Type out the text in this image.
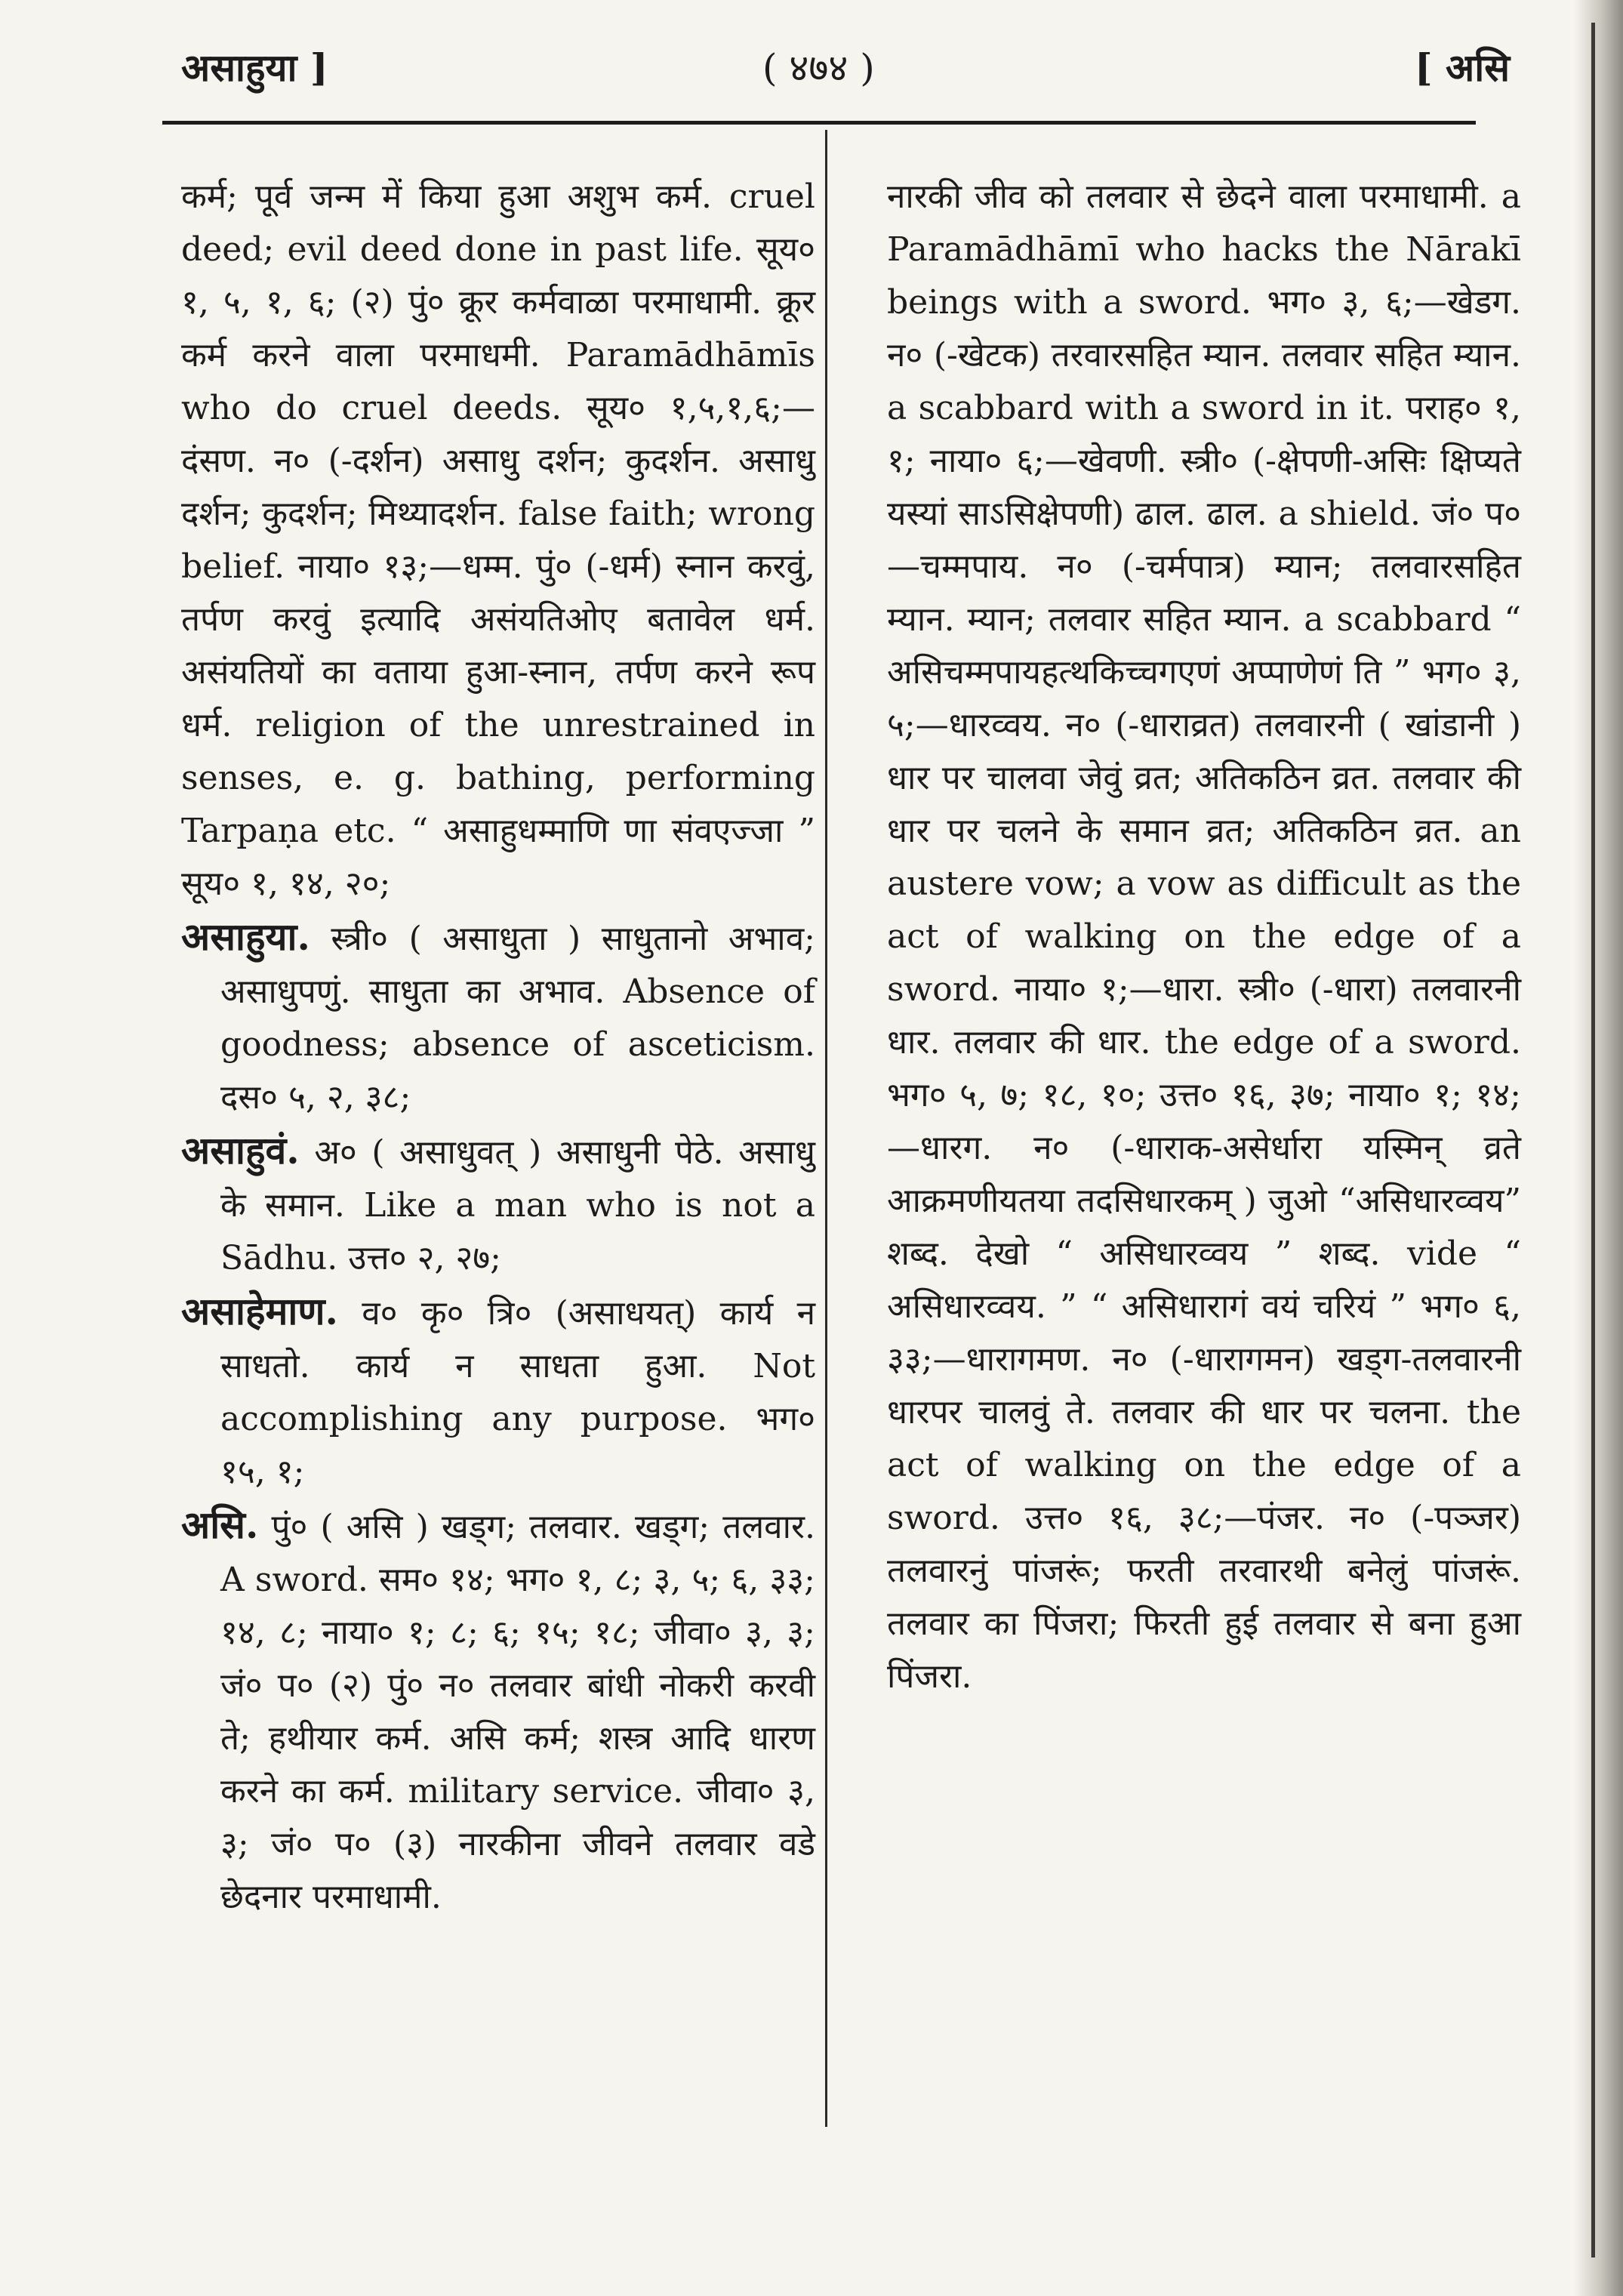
असाहुया ]	( ४७४ )	[ असि

कर्म; पूर्व जन्म में किया हुआ अशुभ कर्म. cruel deed; evil deed done in past life. सूय० १, ५, १, ६; (२) पुं० क्रूर कर्मवाळा परमाधामी. क्रूर कर्म करने वाला परमाधमी. Paramādhāmīs who do cruel deeds. सूय० १,५,१,६;—दंसण. न० (-दर्शन) असाधु दर्शन; कुदर्शन. असाधु दर्शन; कुदर्शन; मिथ्यादर्शन. false faith; wrong belief. नाया० १३;—धम्म. पुं० (-धर्म) स्नान करवुं, तर्पण करवुं इत्यादि असंयतिओए बतावेल धर्म. असंयतियों का वताया हुआ-स्नान, तर्पण करने रूप धर्म. religion of the unrestrained in senses, e. g. bathing, performing Tarpaṇa etc. “ असाहुधम्माणि णा संवएज्जा ” सूय० १, १४, २०;

असाहुया. स्त्री० ( असाधुता ) साधुतानो अभाव; असाधुपणुं. साधुता का अभाव. Absence of goodness; absence of asceticism. दस० ५, २, ३८;

असाहुवं. अ० ( असाधुवत् ) असाधुनी पेठे. असाधु के समान. Like a man who is not a Sādhu. उत्त० २, २७;

असाहेमाण. व० कृ० त्रि० (असाधयत्) कार्य न साधतो. कार्य न साधता हुआ. Not accomplishing any purpose. भग० १५, १;

असि. पुं० ( असि ) खड्ग; तलवार. खड्ग; तलवार. A sword. सम० १४; भग० १, ८; ३, ५; ६, ३३; १४, ८; नाया० १; ८; ६; १५; १८; जीवा० ३, ३; जं० प० (२) पुं० न० तलवार बांधी नोकरी करवी ते; हथीयार कर्म. असि कर्म; शस्त्र आदि धारण करने का कर्म. military service. जीवा० ३, ३; जं० प० (३) नारकीना जीवने तलवार वडे छेदनार परमाधामी.

नारकी जीव को तलवार से छेदने वाला परमाधामी. a Paramādhāmī who hacks the Nārakī beings with a sword. भग० ३, ६;—खेडग. न० (-खेटक) तरवारसहित म्यान. तलवार सहित म्यान. a scabbard with a sword in it. पराह० १, १; नाया० ६;—खेवणी. स्त्री० (-क्षेपणी-असिः क्षिप्यते यस्यां साऽसिक्षेपणी) ढाल. ढाल. a shield. जं० प०—चम्मपाय. न० (-चर्मपात्र) म्यान; तलवारसहित म्यान. म्यान; तलवार सहित म्यान. a scabbard “ असिचम्मपायहत्थकिच्चगएणं अप्पाणेणं ति ” भग० ३, ५;—धारव्वय. न० (-धाराव्रत) तलवारनी ( खांडानी ) धार पर चालवा जेवुं व्रत; अतिकठिन व्रत. तलवार की धार पर चलने के समान व्रत; अतिकठिन व्रत. an austere vow; a vow as difficult as the act of walking on the edge of a sword. नाया० १;—धारा. स्त्री० (-धारा) तलवारनी धार. तलवार की धार. the edge of a sword. भग० ५, ७; १८, १०; उत्त० १६, ३७; नाया० १; १४;—धारग. न० (-धाराक-असेर्धारा यस्मिन् व्रते आक्रमणीयतया तदसिधारकम् ) जुओ “असिधारव्वय” शब्द. देखो “ असिधारव्वय ” शब्द. vide “ असिधारव्वय. ” “ असिधारागं वयं चरियं ” भग० ६, ३३;—धारागमण. न० (-धारागमन) खड्ग-तलवारनी धारपर चालवुं ते. तलवार की धार पर चलना. the act of walking on the edge of a sword. उत्त० १६, ३८;—पंजर. न० (-पञ्जर) तलवारनुं पांजरूं; फरती तरवारथी बनेलुं पांजरूं. तलवार का पिंजरा; फिरती हुई तलवार से बना हुआ पिंजरा.
